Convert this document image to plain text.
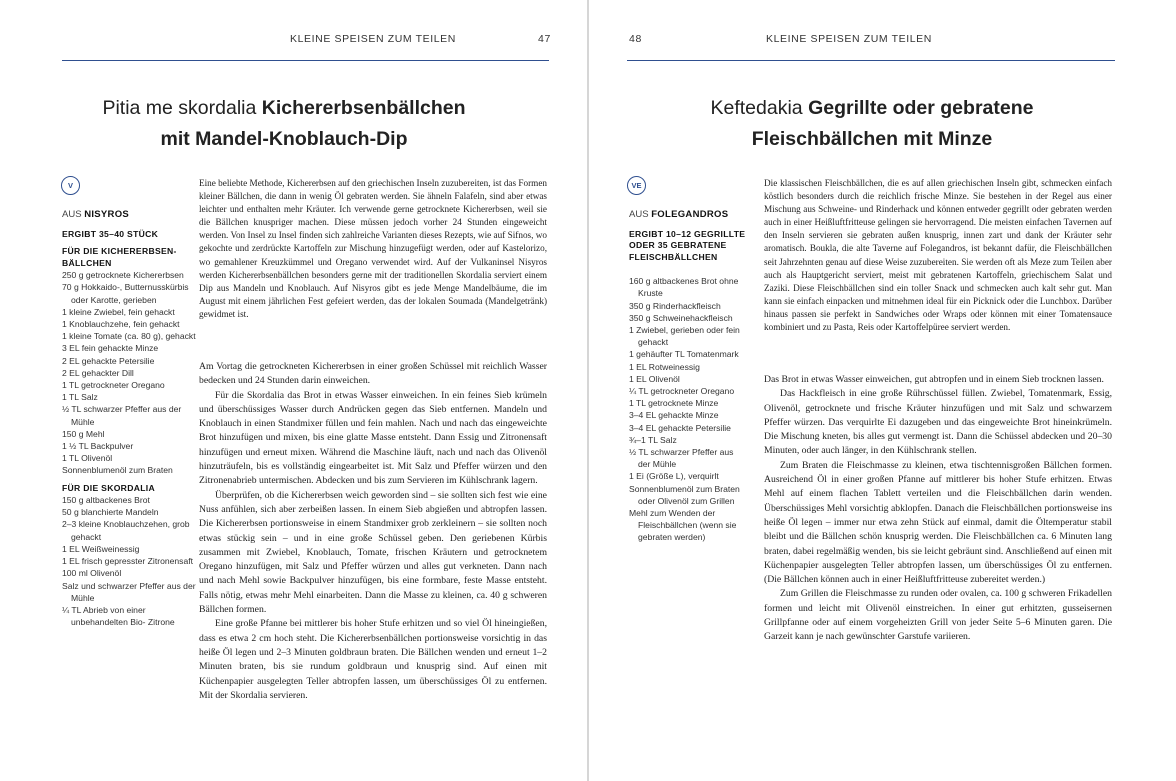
KLEINE SPEISEN ZUM TEILEN	47
Pitia me skordalia Kichererbsenbällchen
mit Mandel-Knoblauch-Dip
V
AUS NISYROS
ERGIBT 35–40 STÜCK
FÜR DIE KICHERERBSEN-BÄLLCHEN
250 g getrocknete Kichererbsen
70 g Hokkaido-, Butternusskürbis oder Karotte, gerieben
1 kleine Zwiebel, fein gehackt
1 Knoblauchzehe, fein gehackt
1 kleine Tomate (ca. 80 g), gehackt
3 EL fein gehackte Minze
2 EL gehackte Petersilie
2 EL gehackter Dill
1 TL getrockneter Oregano
1 TL Salz
½ TL schwarzer Pfeffer aus der Mühle
150 g Mehl
1 ½ TL Backpulver
1 TL Olivenöl
Sonnenblumenöl zum Braten
FÜR DIE SKORDALIA
150 g altbackenes Brot
50 g blanchierte Mandeln
2–3 kleine Knoblauchzehen, grob gehackt
1 EL Weißweinessig
1 EL frisch gepresster Zitronensaft
100 ml Olivenöl
Salz und schwarzer Pfeffer aus der Mühle
¼ TL Abrieb von einer unbehandelten Bio- Zitrone
Eine beliebte Methode, Kichererbsen auf den griechischen Inseln zuzubereiten, ist das Formen kleiner Bällchen, die dann in wenig Öl gebraten werden. Sie ähneln Falafeln, sind aber etwas leichter und enthalten mehr Kräuter. Ich verwende gerne getrocknete Kichererbsen, weil sie die Bällchen knuspriger machen. Diese müssen jedoch vorher 24 Stunden eingeweicht werden. Von Insel zu Insel finden sich zahlreiche Varianten dieses Rezepts, wie auf Sifnos, wo gekochte und zerdrückte Kartoffeln zur Mischung hinzugefügt werden, oder auf Kastelorizo, wo gemahlener Kreuzkümmel und Oregano verwendet wird. Auf der Vulkaninsel Nisyros werden Kichererbsenbällchen besonders gerne mit der traditionellen Skordalia serviert einem Dip aus Mandeln und Knoblauch. Auf Nisyros gibt es jede Menge Mandelbäume, die im August mit einem jährlichen Fest gefeiert werden, das der lokalen Soumada (Mandelgetränk) gewidmet ist.

Am Vortag die getrockneten Kichererbsen in einer großen Schüssel mit reichlich Wasser bedecken und 24 Stunden darin einweichen.

Für die Skordalia das Brot in etwas Wasser einweichen. In ein feines Sieb krümeln und überschüssiges Wasser durch Andrücken gegen das Sieb entfernen. Mandeln und Knoblauch in einen Standmixer füllen und fein mahlen. Nach und nach das eingeweichte Brot hinzufügen und mixen, bis eine glatte Masse entsteht. Dann Essig und Zitronensaft hinzufügen und erneut mixen. Während die Maschine läuft, nach und nach das Olivenöl hinzuträufeln, bis es vollständig eingearbeitet ist. Mit Salz und Pfeffer würzen und den Zitronenabrieb untermischen. Abdecken und bis zum Servieren im Kühlschrank lagern.

Überprüfen, ob die Kichererbsen weich geworden sind – sie sollten sich fest wie eine Nuss anfühlen, sich aber zerbeißen lassen. In einem Sieb abgießen und abtropfen lassen. Die Kichererbsen portionsweise in einem Standmixer grob zerkleinern – sie sollten noch etwas stückig sein – und in eine große Schüssel geben. Den geriebenen Kürbis zusammen mit Zwiebel, Knoblauch, Tomate, frischen Kräutern und getrocknetem Oregano hinzufügen, mit Salz und Pfeffer würzen und alles gut verkneten. Dann nach und nach Mehl sowie Backpulver hinzufügen, bis eine formbare, feste Masse entsteht. Falls nötig, etwas mehr Mehl einarbeiten. Dann die Masse zu kleinen, ca. 40 g schweren Bällchen formen.

Eine große Pfanne bei mittlerer bis hoher Stufe erhitzen und so viel Öl hineingießen, dass es etwa 2 cm hoch steht. Die Kichererbsenbällchen portionsweise vorsichtig in das heiße Öl legen und 2–3 Minuten goldbraun braten. Die Bällchen wenden und erneut 1–2 Minuten braten, bis sie rundum goldbraun und knusprig sind. Auf einen mit Küchenpapier ausgelegten Teller abtropfen lassen, um überschüssiges Öl zu entfernen. Mit der Skordalia servieren.

48	KLEINE SPEISEN ZUM TEILEN
Keftedakia Gegrillte oder gebratene
Fleischbällchen mit Minze
VE
AUS FOLEGANDROS
ERGIBT 10–12 GEGRILLTE ODER 35 GEBRATENE FLEISCHBÄLLCHEN
160 g altbackenes Brot ohne Kruste
350 g Rinderhackfleisch
350 g Schweinehackfleisch
1 Zwiebel, gerieben oder fein gehackt
1 gehäufter TL Tomatenmark
1 EL Rotweinessig
1 EL Olivenöl
¼ TL getrockneter Oregano
1 TL getrocknete Minze
3–4 EL gehackte Minze
3–4 EL gehackte Petersilie
¾–1 TL Salz
½ TL schwarzer Pfeffer aus der Mühle
1 Ei (Größe L), verquirlt
Sonnenblumenöl zum Braten oder Olivenöl zum Grillen
Mehl zum Wenden der Fleischbällchen (wenn sie gebraten werden)
Die klassischen Fleischbällchen, die es auf allen griechischen Inseln gibt, schmecken einfach köstlich besonders durch die reichlich frische Minze. Sie bestehen in der Regel aus einer Mischung aus Schweine- und Rinderhack und können entweder gegrillt oder gebraten werden auch in einer Heißluftfritteuse gelingen sie hervorragend. Die meisten einfachen Tavernen auf den Inseln servieren sie gebraten außen knusprig, innen zart und dank der Kräuter sehr aromatisch. Boukla, die alte Taverne auf Folegandros, ist bekannt dafür, die Fleischbällchen seit Jahrzehnten genau auf diese Weise zuzubereiten. Sie werden oft als Meze zum Teilen aber auch als Hauptgericht serviert, meist mit gebratenen Kartoffeln, griechischem Salat und Zaziki. Diese Fleischbällchen sind ein toller Snack und schmecken auch kalt sehr gut. Man kann sie einfach einpacken und mitnehmen ideal für ein Picknick oder die Lunchbox. Darüber hinaus passen sie perfekt in Sandwiches oder Wraps oder können mit einer Tomatensauce kombiniert und zu Pasta, Reis oder Kartoffelpüree serviert werden.

Das Brot in etwas Wasser einweichen, gut abtropfen und in einem Sieb trocknen lassen.

Das Hackfleisch in eine große Rührschüssel füllen. Zwiebel, Tomatenmark, Essig, Olivenöl, getrocknete und frische Kräuter hinzufügen und mit Salz und schwarzem Pfeffer würzen. Das verquirlte Ei dazugeben und das eingeweichte Brot hineinkrümeln. Die Mischung kneten, bis alles gut vermengt ist. Dann die Schüssel abdecken und 20–30 Minuten, oder auch länger, in den Kühlschrank stellen.

Zum Braten die Fleischmasse zu kleinen, etwa tischtennisgroßen Bällchen formen. Ausreichend Öl in einer großen Pfanne auf mittlerer bis hoher Stufe erhitzen. Etwas Mehl auf einem flachen Tablett verteilen und die Fleischbällchen darin wenden. Überschüssiges Mehl vorsichtig abklopfen. Danach die Fleischbällchen portionsweise ins heiße Öl legen – immer nur etwa zehn Stück auf einmal, damit die Öltemperatur stabil bleibt und die Bällchen schön knusprig werden. Die Fleischbällchen ca. 6 Minuten lang braten, dabei regelmäßig wenden, bis sie leicht gebräunt sind. Anschließend auf einen mit Küchenpapier ausgelegten Teller abtropfen lassen, um überschüssiges Öl zu entfernen. (Die Bällchen können auch in einer Heißluftfritteuse zubereitet werden.)

Zum Grillen die Fleischmasse zu runden oder ovalen, ca. 100 g schweren Frikadellen formen und leicht mit Olivenöl einstreichen. In einer gut erhitzten, gusseisernen Grillpfanne oder auf einem vorgeheizten Grill von jeder Seite 5–6 Minuten garen. Die Garzeit kann je nach gewünschter Garstufe variieren.
